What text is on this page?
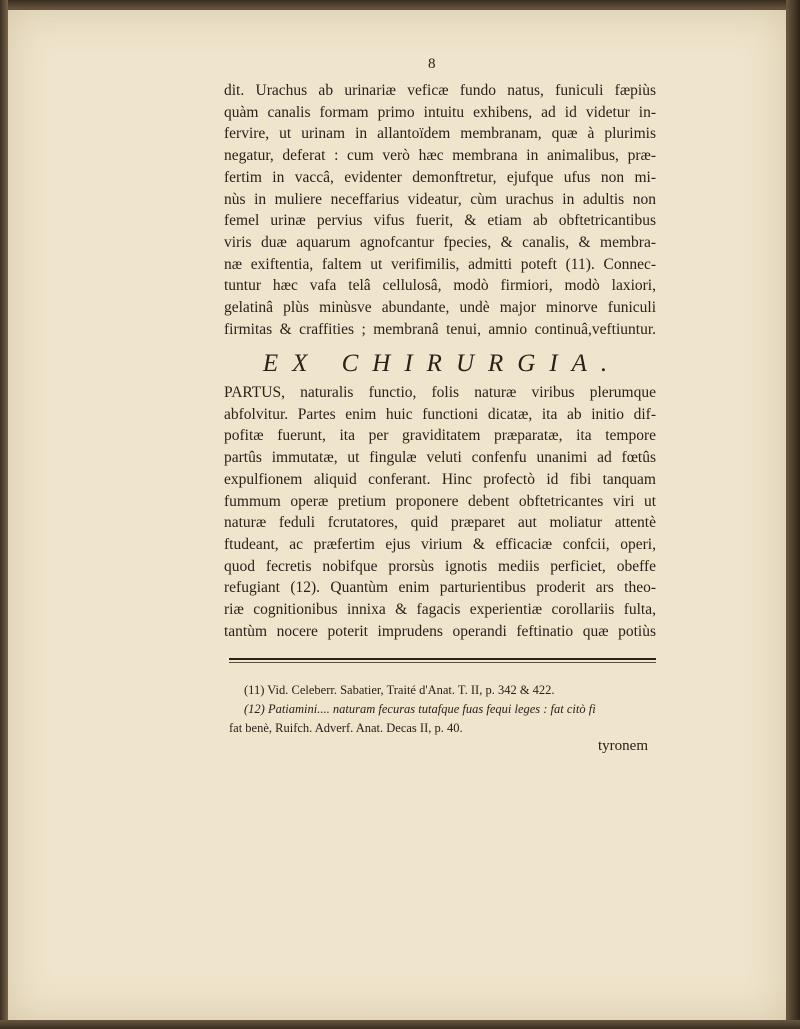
8
dit. Urachus ab urinariæ veficæ fundo natus, funiculi fæpiùs
quàm canalis formam primo intuitu exhibens, ad id videtur in-
fervire, ut urinam in allantoïdem membranam, quæ à plurimis
negatur, deferat : cum verò hæc membrana in animalibus, præ-
fertim in vaccâ, evidenter demonftretur, ejufque ufus non mi-
nùs in muliere neceffarius videatur, cùm urachus in adultis non
femel urinæ pervius vifus fuerit, & etiam ab obftetricantibus
viris duæ aquarum agnofcantur fpecies, & canalis, & membra-
næ exiftentia, faltem ut verifimilis, admitti poteft (11). Connec-
tuntur hæc vafa telâ cellulosâ, modò firmiori, modò laxiori,
gelatinâ plùs minùsve abundante, undè major minorve funiculi
firmitas & craffities ; membranâ tenui, amnio continuâ,veftiuntur.
EX CHIRURGIA.
PARTUS, naturalis functio, folis naturæ viribus plerumque
abfolvitur. Partes enim huic functioni dicatæ, ita ab initio dif-
pofitæ fuerunt, ita per graviditatem præparatæ, ita tempore
partûs immutatæ, ut fingulæ veluti confenfu unanimi ad fœtûs
expulfionem aliquid conferant. Hinc profectò id fibi tanquam
fummum operæ pretium proponere debent obftetricantes viri ut
naturæ feduli fcrutatores, quid præparet aut moliatur attentè
ftudeant, ac præfertim ejus virium & efficaciæ confcii, operi,
quod fecretis nobifque prorsùs ignotis mediis perficiet, obeffe
refugiant (12). Quantùm enim parturientibus proderit ars theo-
riæ cognitionibus innixa & fagacis experientiæ corollariis fulta,
tantùm nocere poterit imprudens operandi feftinatio quæ potiùs
(11) Vid. Celeberr. Sabatier, Traité d'Anat. T. II, p. 342 & 422.
(12) Patiamini.... naturam fecuras tutafque fuas fequi leges : fat citò fi
fat benè, Ruifch. Adverf. Anat. Decas II, p. 40.
tyronem
